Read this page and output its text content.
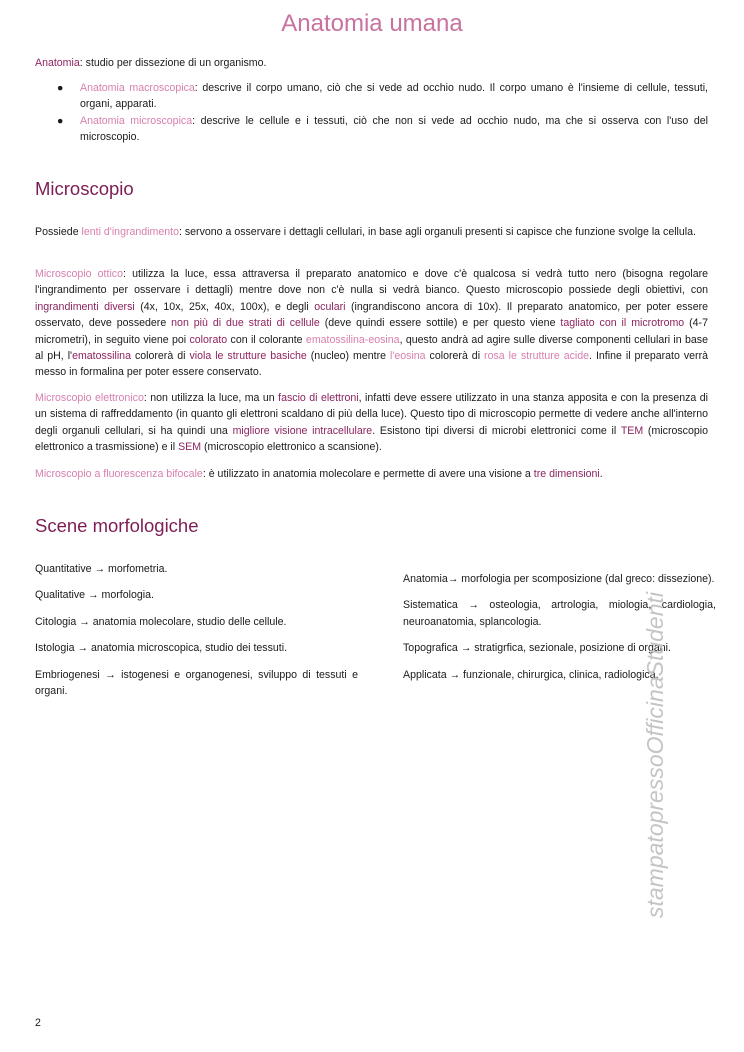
Anatomia umana
Anatomia: studio per dissezione di un organismo.
● Anatomia macroscopica: descrive il corpo umano, ciò che si vede ad occhio nudo. Il corpo umano è l'insieme di cellule, tessuti, organi, apparati.
● Anatomia microscopica: descrive le cellule e i tessuti, ciò che non si vede ad occhio nudo, ma che si osserva con l'uso del microscopio.
Microscopio
Possiede lenti d'ingrandimento: servono a osservare i dettagli cellulari, in base agli organuli presenti si capisce che funzione svolge la cellula.
Microscopio ottico: utilizza la luce, essa attraversa il preparato anatomico e dove c'è qualcosa si vedrà tutto nero (bisogna regolare l'ingrandimento per osservare i dettagli) mentre dove non c'è nulla si vedrà bianco. Questo microscopio possiede degli obiettivi, con ingrandimenti diversi (4x, 10x, 25x, 40x, 100x), e degli oculari (ingrandiscono ancora di 10x). Il preparato anatomico, per poter essere osservato, deve possedere non più di due strati di cellule (deve quindi essere sottile) e per questo viene tagliato con il microtromo (4-7 micrometri), in seguito viene poi colorato con il colorante ematossilina-eosina, questo andrà ad agire sulle diverse componenti cellulari in base al pH, l'ematossilina colorerà di viola le strutture basiche (nucleo) mentre l'eosina colorerà di rosa le strutture acide. Infine il preparato verrà messo in formalina per poter essere conservato.
Microscopio elettronico: non utilizza la luce, ma un fascio di elettroni, infatti deve essere utilizzato in una stanza apposita e con la presenza di un sistema di raffreddamento (in quanto gli elettroni scaldano di più della luce). Questo tipo di microscopio permette di vedere anche all'interno degli organuli cellulari, si ha quindi una migliore visione intracellulare. Esistono tipi diversi di microbi elettronici come il TEM (microscopio elettronico a trasmissione) e il SEM (microscopio elettronico a scansione).
Microscopio a fluorescenza bifocale: è utilizzato in anatomia molecolare e permette di avere una visione a tre dimensioni.
Scene morfologiche

Quantitative → morfometria.

Qualitative → morfologia.

Citologia → anatomia molecolare, studio delle cellule.

Istologia → anatomia microscopica, studio dei tessuti.

Embriogenesi → istogenesi e organogenesi, sviluppo di tessuti e organi.

Anatomia→ morfologia per scomposizione (dal greco: dissezione).

Sistematica → osteologia, artrologia, miologia, cardiologia, neuroanatomia, splancologia.

Topografica → stratigrfica, sezionale, posizione di organi.

Applicata → funzionale, chirurgica, clinica, radiologica.

stampatopressoOfficinaStudenti
2
